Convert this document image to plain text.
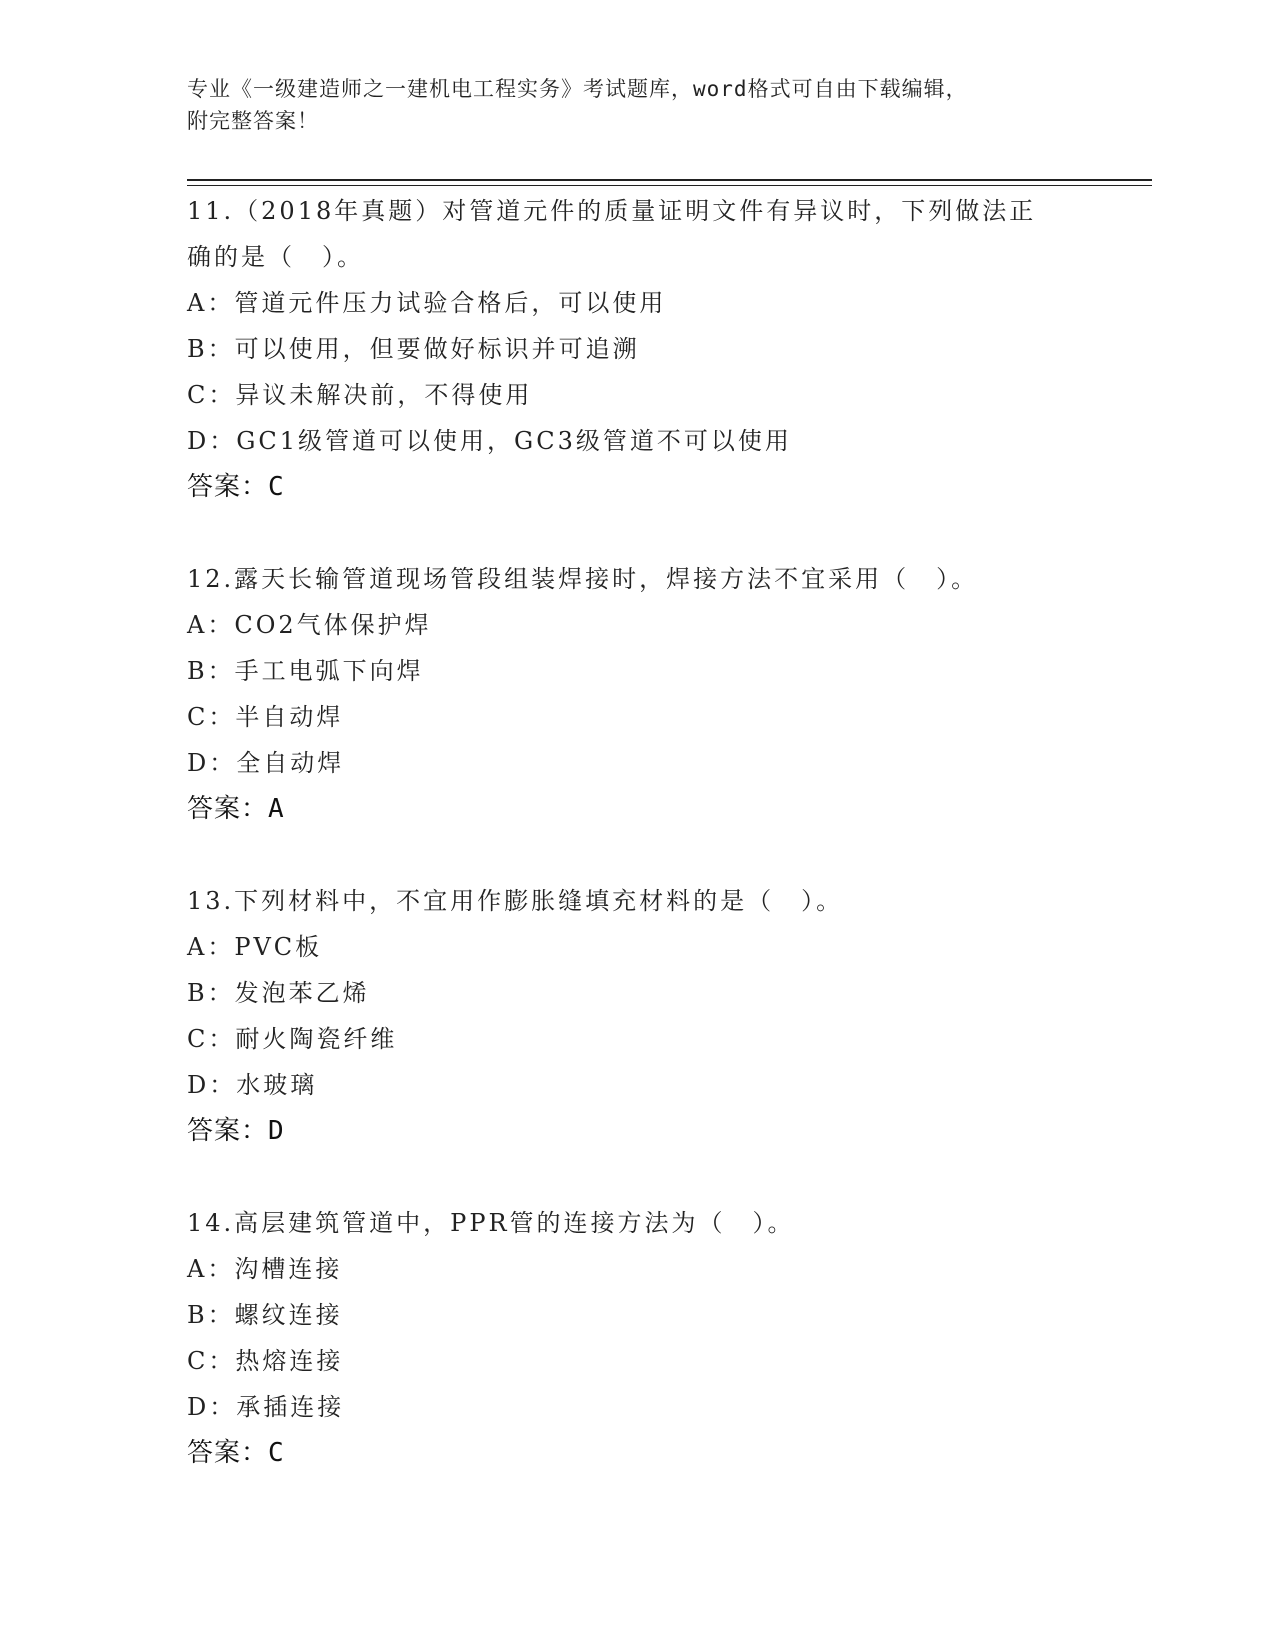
专业《一级建造师之一建机电工程实务》考试题库，word格式可自由下载编辑，
附完整答案！

11.（2018年真题）对管道元件的质量证明文件有异议时，下列做法正

确的是（　）。

A：管道元件压力试验合格后，可以使用

B：可以使用，但要做好标识并可追溯

C：异议未解决前，不得使用

D：GC1级管道可以使用，GC3级管道不可以使用

答案：C

12.露天长输管道现场管段组装焊接时，焊接方法不宜采用（　）。

A：CO2气体保护焊

B：手工电弧下向焊

C：半自动焊

D：全自动焊

答案：A

13.下列材料中，不宜用作膨胀缝填充材料的是（　）。

A：PVC板

B：发泡苯乙烯

C：耐火陶瓷纤维

D：水玻璃

答案：D

14.高层建筑管道中，PPR管的连接方法为（　）。

A：沟槽连接

B：螺纹连接

C：热熔连接

D：承插连接

答案：C
